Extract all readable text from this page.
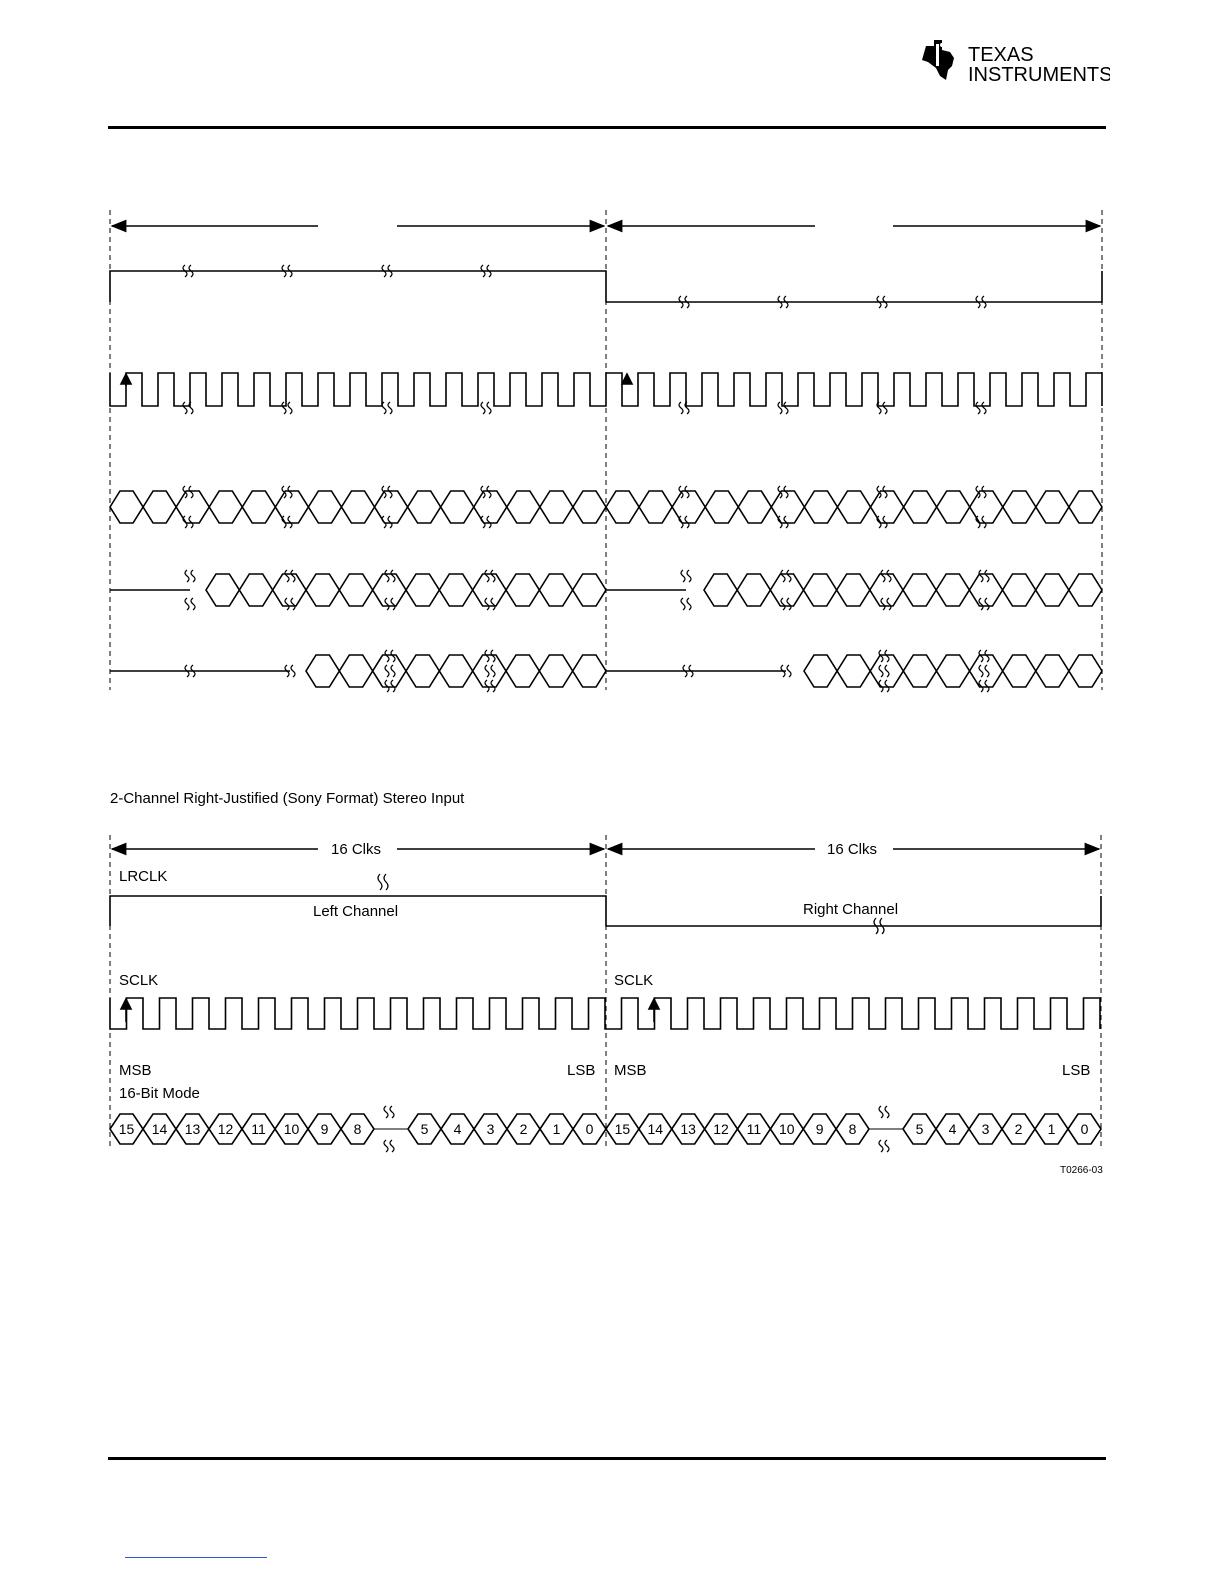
TEXAS
INSTRUMENTS
2-Channel Right-Justified (Sony Format) Stereo Input
16 Clks	16 Clks
LRCLK
Left Channel	Right Channel
SCLK	SCLK
MSB	LSB MSB	LSB
16-Bit Mode
15 14 13 12 11 10 9 8	5 4 3 2 1 0 15 14 13 12 11 10 9 8	5 4 3 2 1 0
T0266-03
